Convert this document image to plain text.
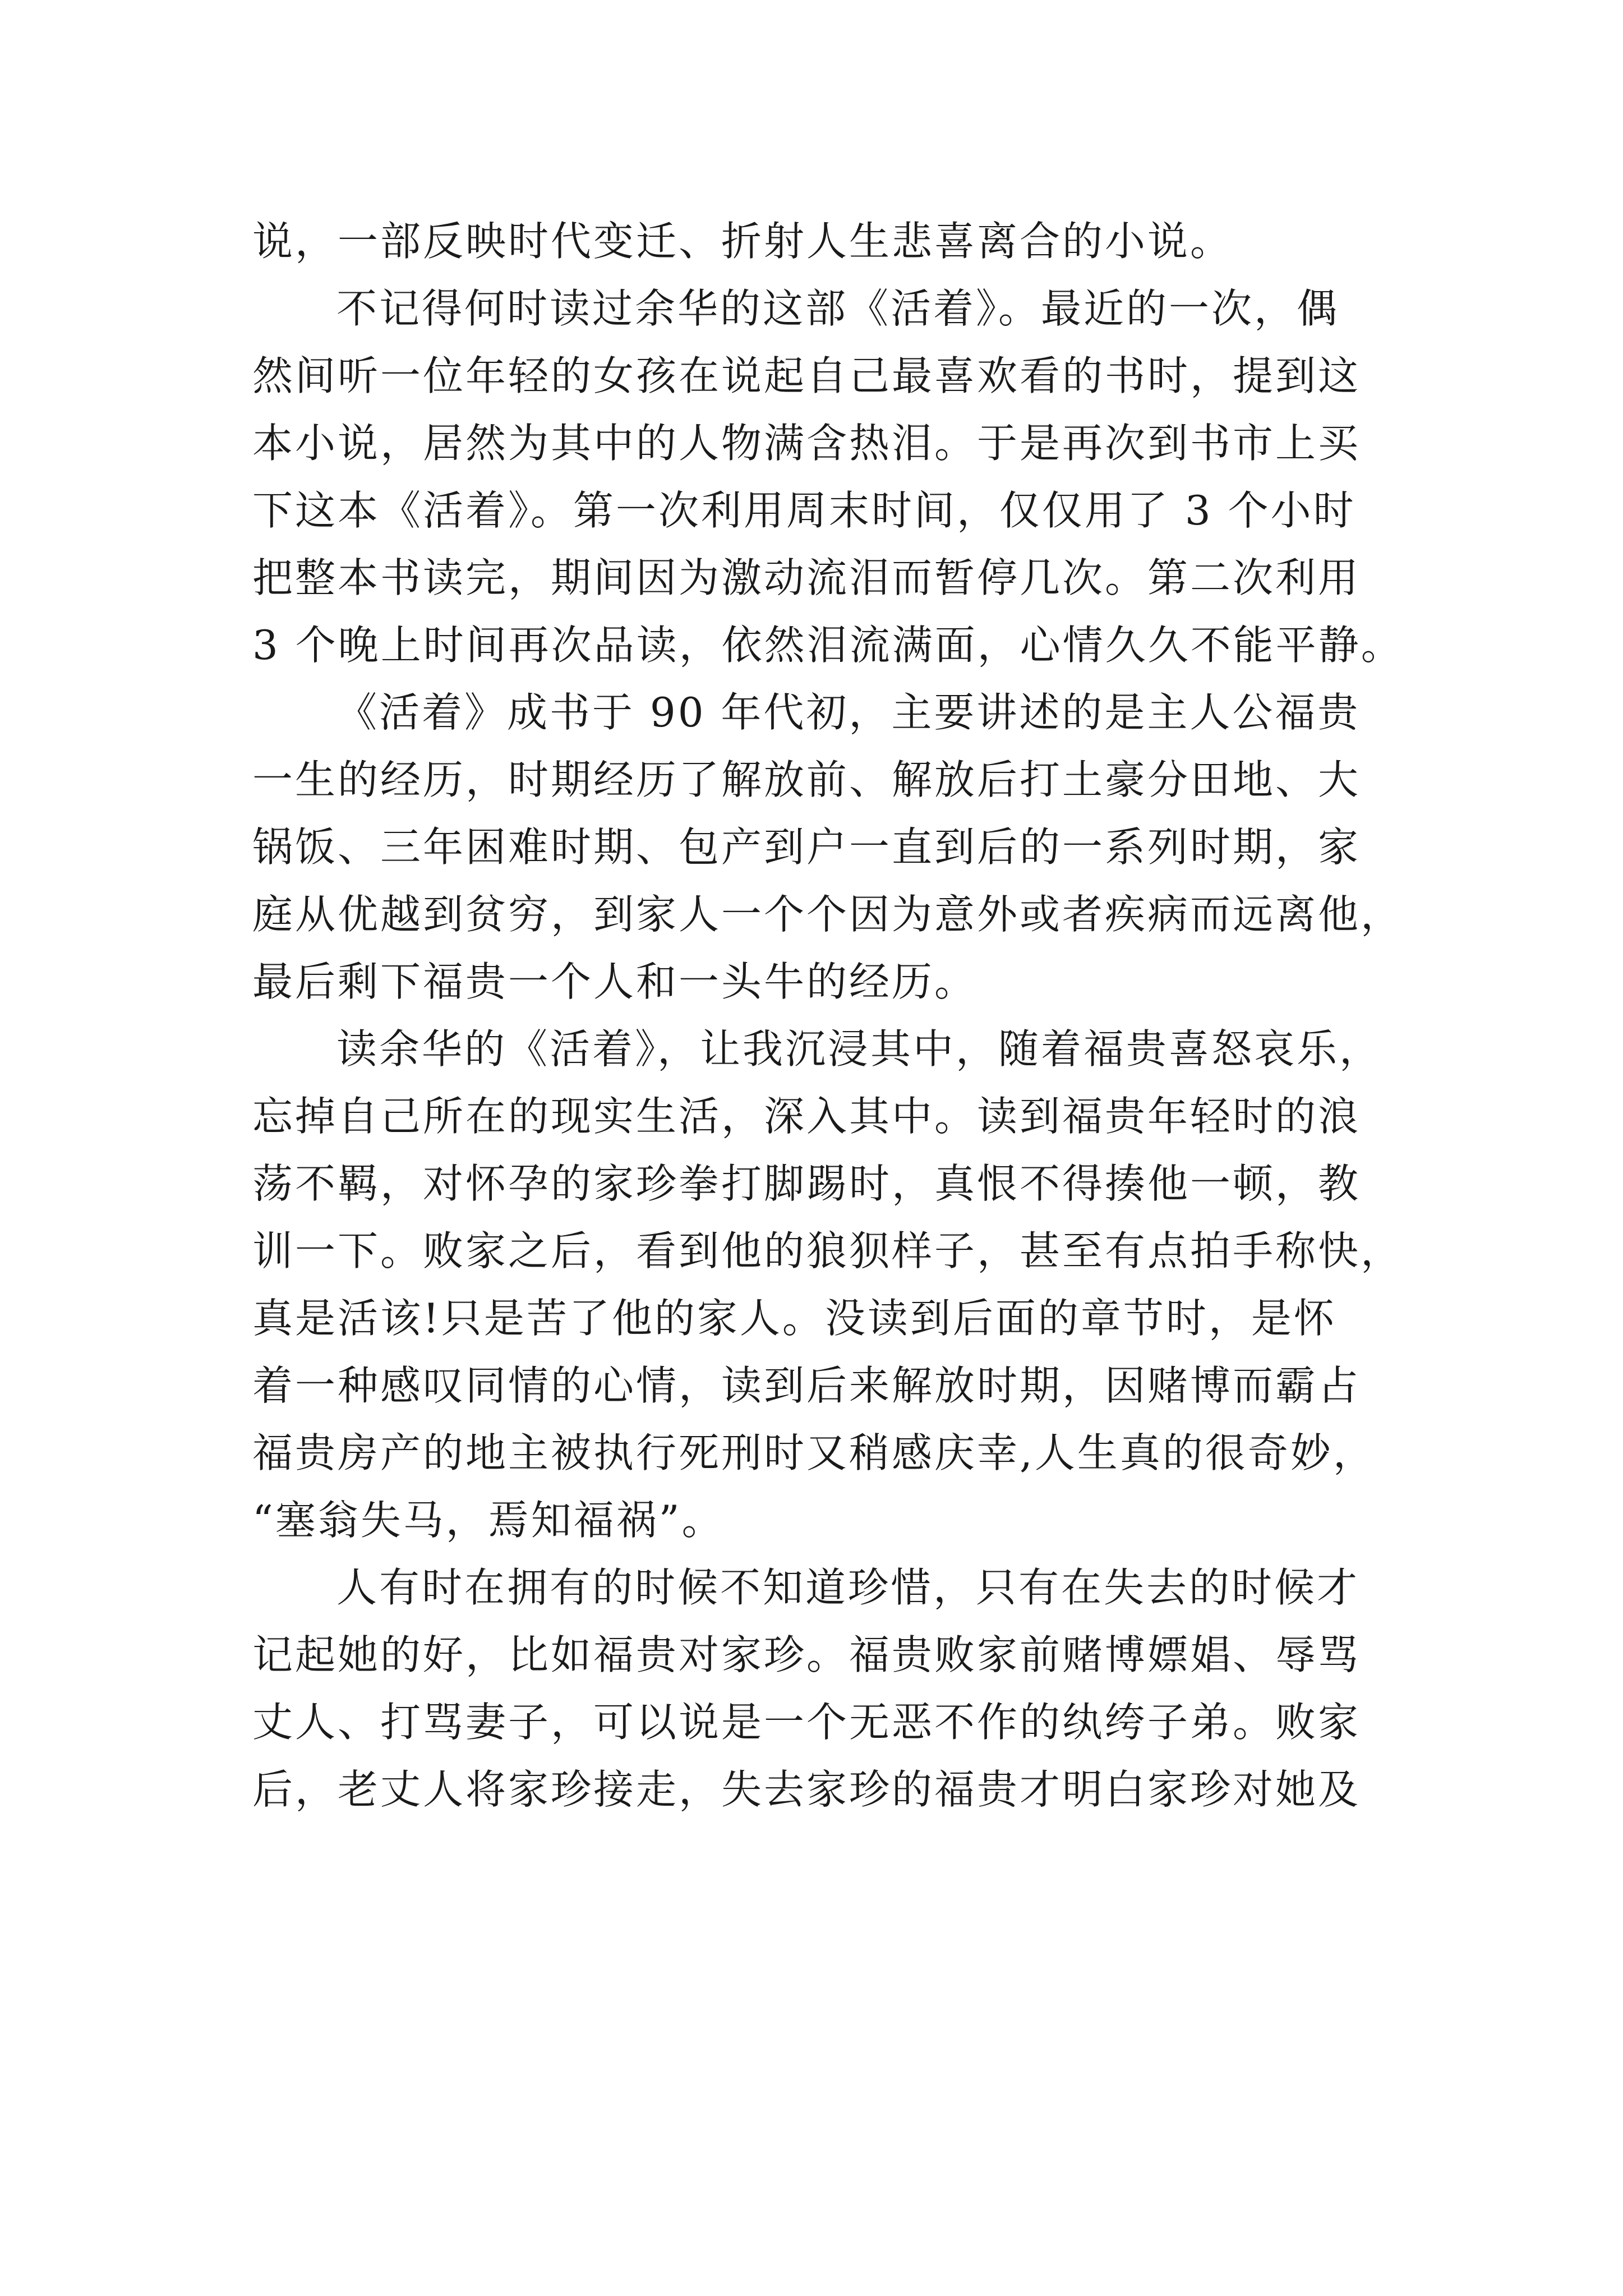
说，一部反映时代变迁、折射人生悲喜离合的小说。
不记得何时读过余华的这部《活着》。最近的一次，偶
然间听一位年轻的女孩在说起自己最喜欢看的书时，提到这
本小说，居然为其中的人物满含热泪。于是再次到书市上买
下这本《活着》。第一次利用周末时间，仅仅用了 3 个小时
把整本书读完，期间因为激动流泪而暂停几次。第二次利用
3 个晚上时间再次品读，依然泪流满面，心情久久不能平静。
《活着》成书于 90 年代初，主要讲述的是主人公福贵
一生的经历，时期经历了解放前、解放后打土豪分田地、大
锅饭、三年困难时期、包产到户一直到后的一系列时期，家
庭从优越到贫穷，到家人一个个因为意外或者疾病而远离他，
最后剩下福贵一个人和一头牛的经历。
读余华的《活着》，让我沉浸其中，随着福贵喜怒哀乐，
忘掉自己所在的现实生活，深入其中。读到福贵年轻时的浪
荡不羁，对怀孕的家珍拳打脚踢时，真恨不得揍他一顿，教
训一下。败家之后，看到他的狼狈样子，甚至有点拍手称快，
真是活该!只是苦了他的家人。没读到后面的章节时，是怀
着一种感叹同情的心情，读到后来解放时期，因赌博而霸占
福贵房产的地主被执行死刑时又稍感庆幸,人生真的很奇妙，
“塞翁失马，焉知福祸”。
人有时在拥有的时候不知道珍惜，只有在失去的时候才
记起她的好，比如福贵对家珍。福贵败家前赌博嫖娼、辱骂
丈人、打骂妻子，可以说是一个无恶不作的纨绔子弟。败家
后，老丈人将家珍接走，失去家珍的福贵才明白家珍对她及
